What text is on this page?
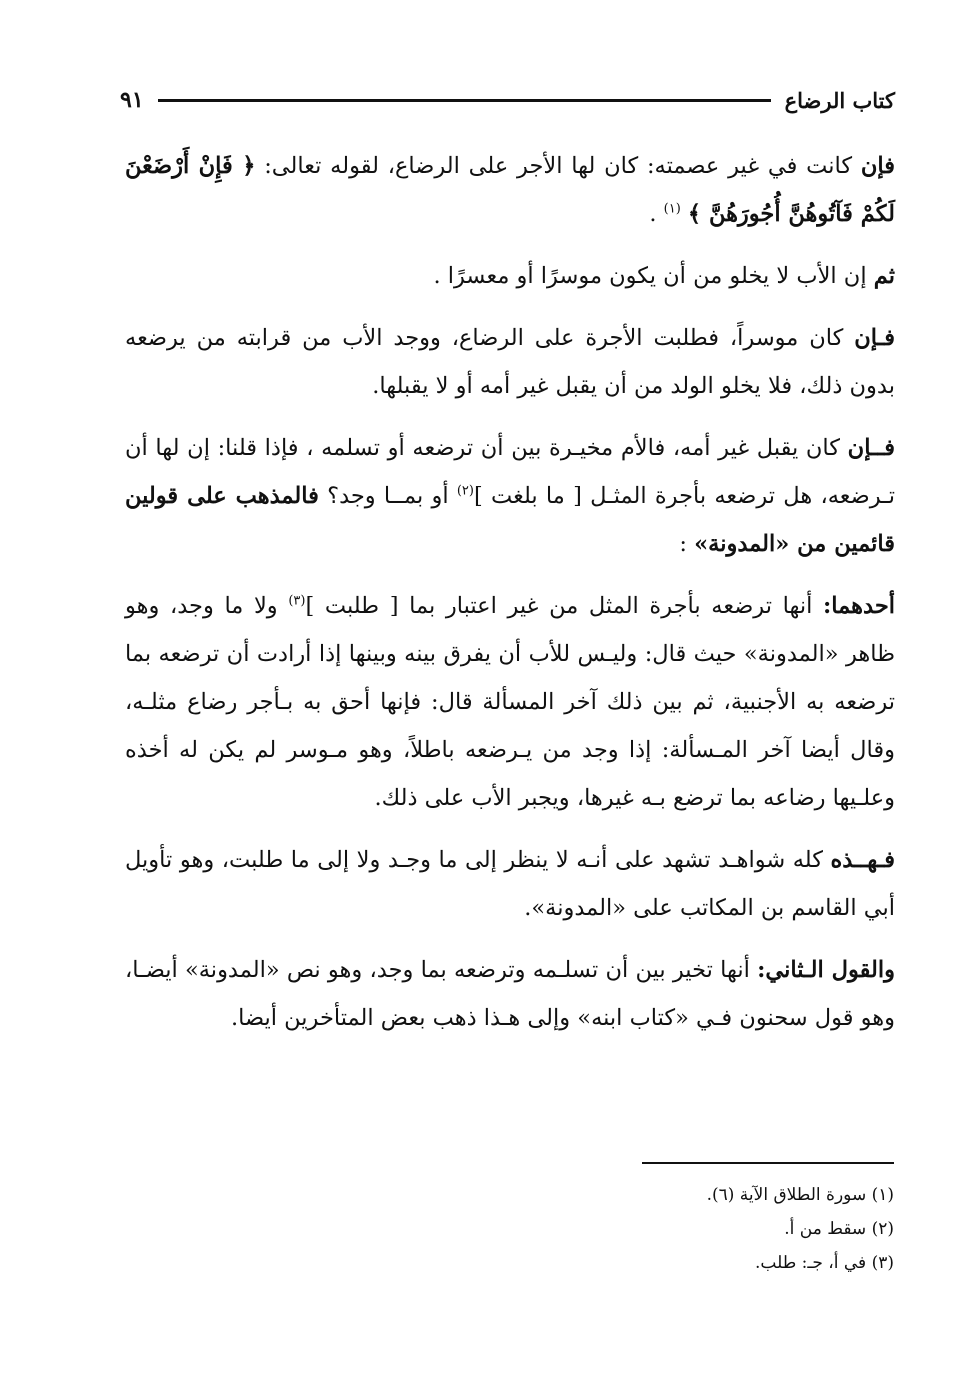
كتاب الرضاع
٩١

فإن كانت في غير عصمته: كان لها الأجر على الرضاع، لقوله تعالى: ﴿ فَإِنْ أَرْضَعْنَ لَكُمْ فَآتُوهُنَّ أُجُورَهُنَّ ﴾ $^{(١)}$ .

ثم إن الأب لا يخلو من أن يكون موسرًا أو معسرًا .

فـإن كان موسراً، فطلبت الأجرة على الرضاع، ووجد الأب من قرابته من يرضعه بدون ذلك، فلا يخلو الولد من أن يقبل غير أمه أو لا يقبلها.

فــإن كان يقبل غير أمه، فالأم مخيـرة بين أن ترضعه أو تسلمه ، فإذا قلنا: إن لها أن تـرضعه، هل ترضعه بأجرة المثـل [ ما بلغت ]$^{(٢)}$ أو بمــا وجد؟ فالمذهب على قولين قائمين من «المدونة» :

أحدهما: أنها ترضعه بأجرة المثل من غير اعتبار بما [ طلبت ]$^{(٣)}$ ولا ما وجد، وهو ظاهر «المدونة» حيث قال: وليـس للأب أن يفرق بينه وبينها إذا أرادت أن ترضعه بما ترضعه به الأجنبية، ثم بين ذلك آخر المسألة قال: فإنها أحق به بـأجر رضاع مثلـه، وقال أيضا آخر المـسألة: إذا وجد من يـرضعه باطلاً، وهو مـوسر لم يكن له أخذه وعلـيها رضاعه بما ترضع بـه غيرها، ويجبر الأب على ذلك.

فـهــذه كله شواهـد تشهد على أنـه لا ينظر إلى ما وجـد ولا إلى ما طلبت، وهو تأويل أبي القاسم بن المكاتب على «المدونة».

والقول الـثاني: أنها تخير بين أن تسلـمه وترضعه بما وجد، وهو نص «المدونة» أيضـا، وهو قول سحنون فـي «كتاب ابنه» وإلى هـذا ذهب بعض المتأخرين أيضا.

(١) سورة الطلاق الآية (٦).

(٢) سقط من أ.

(٣) في أ، جـ: طلب.
